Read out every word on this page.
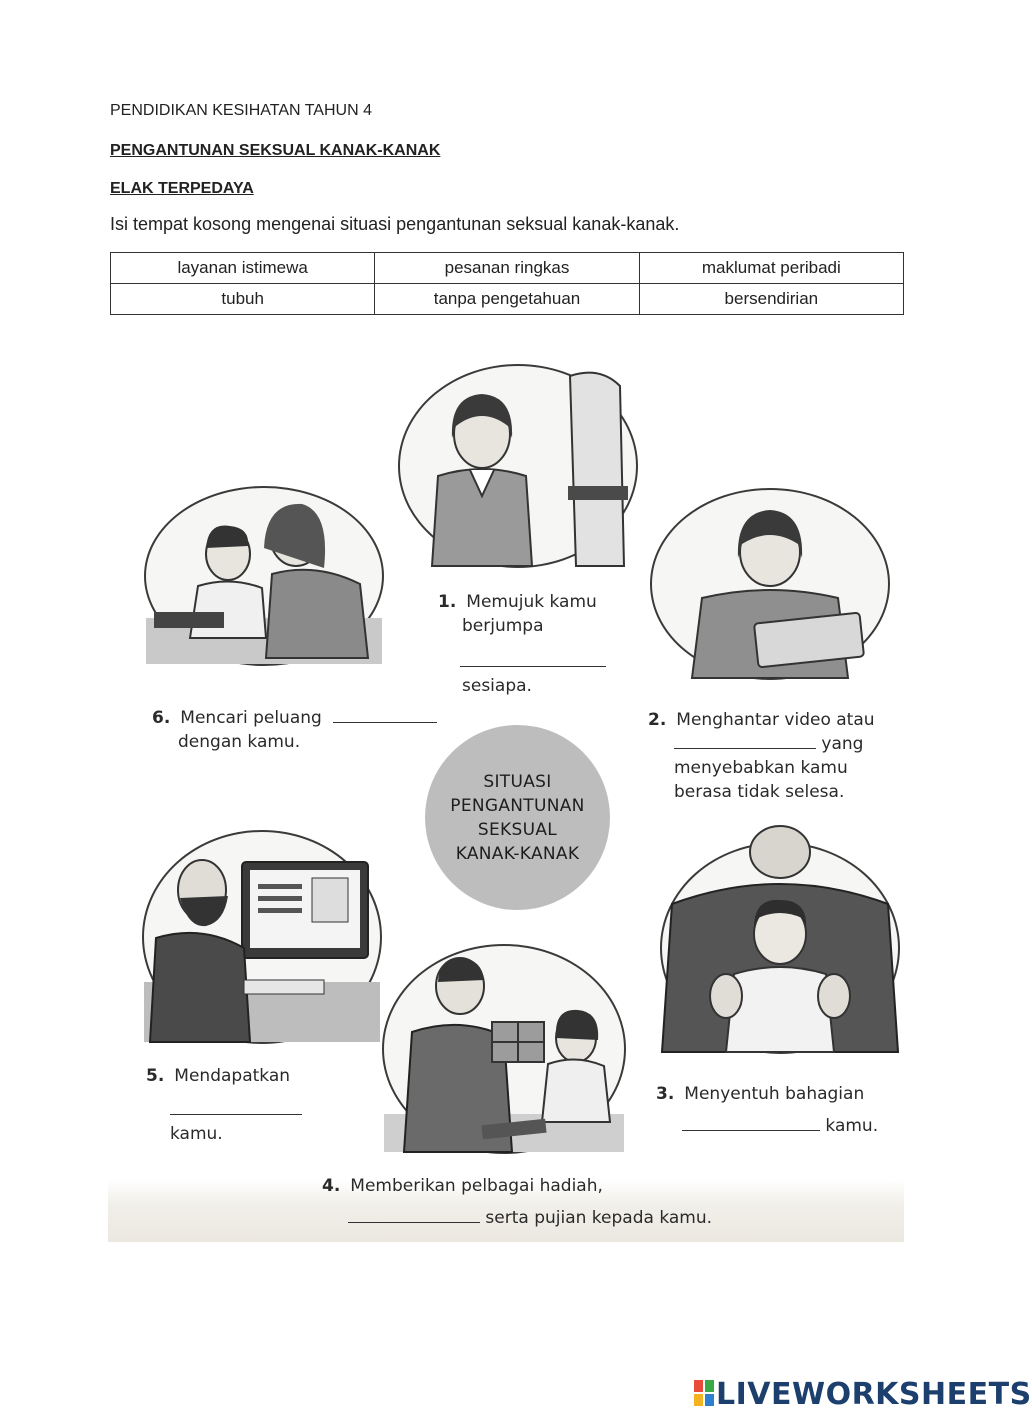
PENDIDIKAN KESIHATAN TAHUN 4
PENGANTUNAN SEKSUAL KANAK-KANAK
ELAK TERPEDAYA
Isi tempat kosong mengenai situasi pengantunan seksual kanak-kanak.
layanan istimewa	pesanan ringkas	maklumat peribadi
tubuh	tanpa pengetahuan	bersendirian
SITUASI
PENGANTUNAN
SEKSUAL
KANAK-KANAK
1. Memujuk kamu
berjumpa

sesiapa.
2. Menghantar video atau
yang
menyebabkan kamu
berasa tidak selesa.
3. Menyentuh bahagian
kamu.
4. Memberikan pelbagai hadiah,
serta pujian kepada kamu.
5. Mendapatkan

kamu.
6. Mencari peluang
dengan kamu.
LIVEWORKSHEETS
